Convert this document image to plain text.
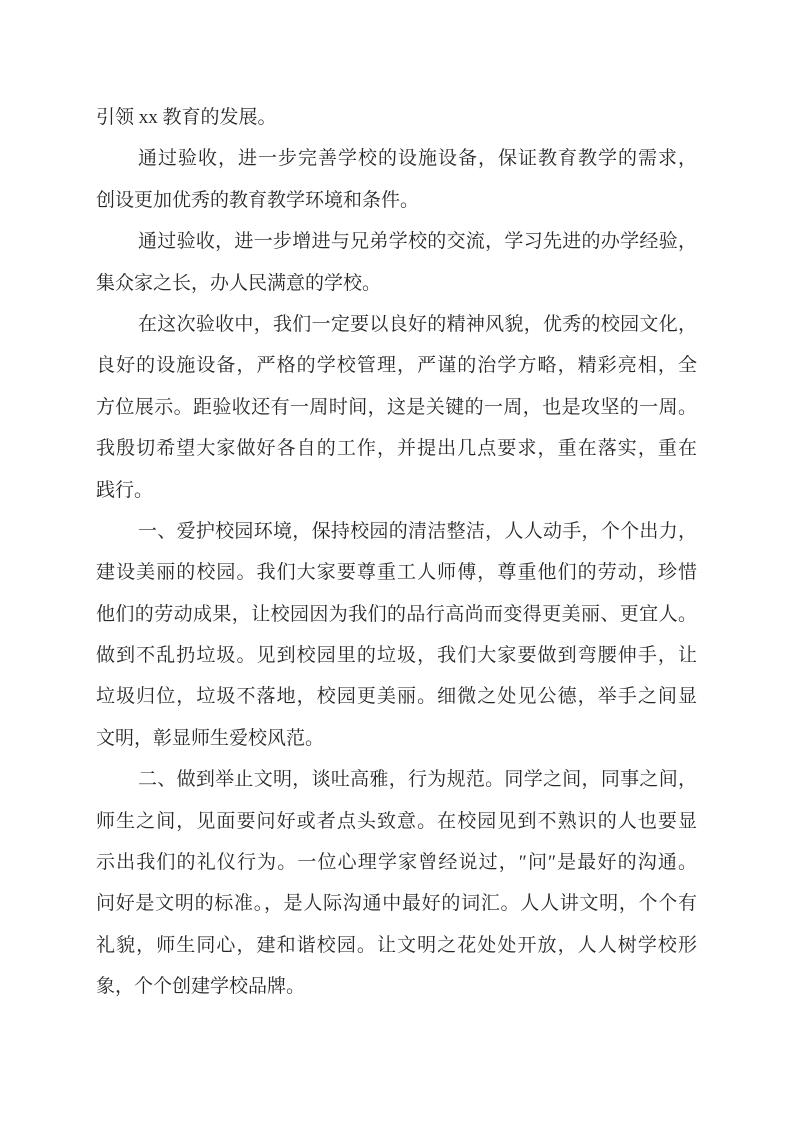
引领 xx 教育的发展。
通过验收，进一步完善学校的设施设备，保证教育教学的需求，
创设更加优秀的教育教学环境和条件。
通过验收，进一步增进与兄弟学校的交流，学习先进的办学经验，
集众家之长，办人民满意的学校。
在这次验收中，我们一定要以良好的精神风貌，优秀的校园文化，
良好的设施设备，严格的学校管理，严谨的治学方略，精彩亮相，全
方位展示。距验收还有一周时间，这是关键的一周，也是攻坚的一周。
我殷切希望大家做好各自的工作，并提出几点要求，重在落实，重在
践行。
一、爱护校园环境，保持校园的清洁整洁，人人动手，个个出力，
建设美丽的校园。我们大家要尊重工人师傅，尊重他们的劳动，珍惜
他们的劳动成果，让校园因为我们的品行高尚而变得更美丽、更宜人。
做到不乱扔垃圾。见到校园里的垃圾，我们大家要做到弯腰伸手，让
垃圾归位，垃圾不落地，校园更美丽。细微之处见公德，举手之间显
文明，彰显师生爱校风范。
二、做到举止文明，谈吐高雅，行为规范。同学之间，同事之间，
师生之间，见面要问好或者点头致意。在校园见到不熟识的人也要显
示出我们的礼仪行为。一位心理学家曾经说过，″问″是最好的沟通。
问好是文明的标准。，是人际沟通中最好的词汇。人人讲文明，个个有
礼貌，师生同心，建和谐校园。让文明之花处处开放，人人树学校形
象，个个创建学校品牌。
